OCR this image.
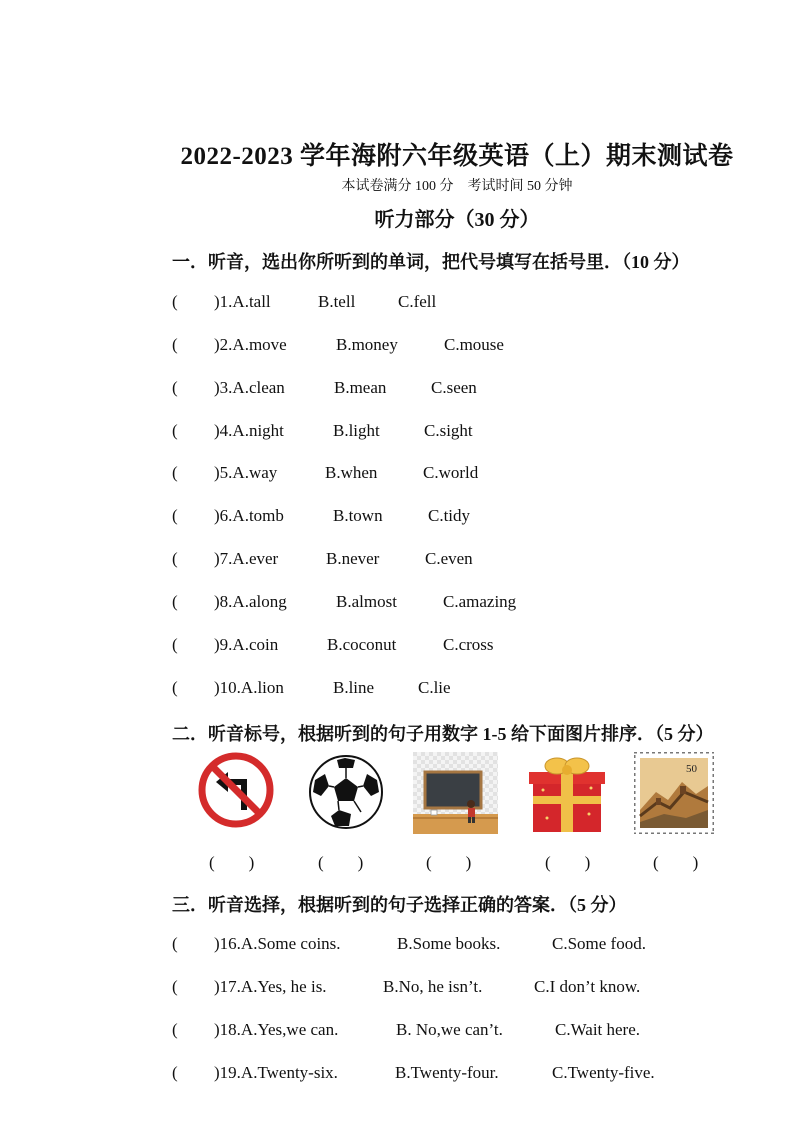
2022-2023 学年海附六年级英语（上）期末测试卷
本试卷满分 100 分　考试时间 50 分钟
听力部分（30 分）
一．听音，选出你所听到的单词，把代号填写在括号里．（10 分）
( )1.A.tall	B.tell	C.fell
( )2.A.move	B.money	C.mouse
( )3.A.clean	B.mean	C.seen
( )4.A.night	B.light	C.sight
( )5.A.way	B.when	C.world
( )6.A.tomb	B.town	C.tidy
( )7.A.ever	B.never	C.even
( )8.A.along	B.almost	C.amazing
( )9.A.coin	B.coconut	C.cross
( )10.A.lion	B.line	C.lie
二．听音标号，根据听到的句子用数字 1-5 给下面图片排序．（5 分）
50
(　　)	(　　)	(　　)	(　　)	(　　)
三．听音选择，根据听到的句子选择正确的答案．（5 分）
( )16.A.Some coins.	B.Some books.	C.Some food.
( )17.A.Yes, he is.	B.No, he isn’t.	C.I don’t know.
( )18.A.Yes,we can.	B. No,we can’t.	C.Wait here.
( )19.A.Twenty-six.	B.Twenty-four.	C.Twenty-five.
